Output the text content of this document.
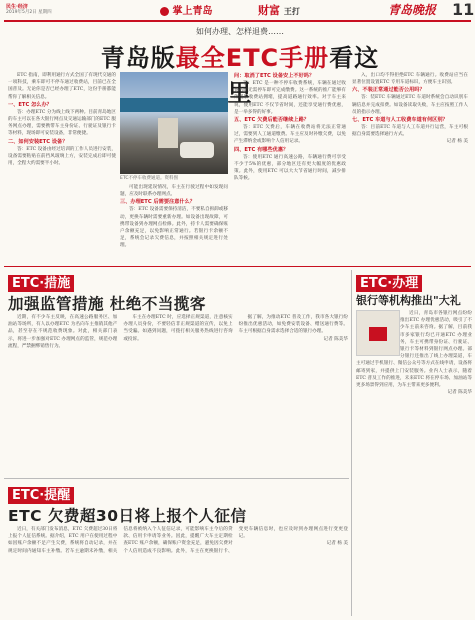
民生·经济
2019年5月2日 星期四	掌上青岛	财富 王打	青岛晚报 11
如何办理、怎样退费……
青岛版最全ETC手册看这里

ETC 指南，即利用通行方式全国了有现代交通的一项科技，乘车即可不停车通过收费站，目前已在全国普及。无论你是否已经办理了ETC，这份手册都能帮你了解相关信息。

一、ETC 怎么办？

答：办理ETC 分为线上线下两种。目前青岛地区的车主可以在各大银行网点及交通运输部门的ETC 服务网点办理，需要携带车主身份证、行驶证及银行卡等材料，现场即可安装设备，非常便捷。

二、如何安装ETC 设备？

答：ETC 设备由经过培训的工作人员进行安装，设备需要粘贴在前挡风玻璃上方，安装完成后即可使用，全程大约需要半小时。

ETC不停车收费通道。资料图

可能出现延误情况，车主在行驶过程中如发现问题，应及时联系办理网点。

三、办理ETC 后需要注意什么？

答：ETC 设备需要保持清洁，不要私自拆卸或移动，更换车辆时需要重新办理。如设备出现故障，可携带设备到办理网点检修。此外，持卡人需要确保账户余额充足，以免影响正常通行。若银行卡余额不足，系统会记录欠费信息，并按照相关规定进行处理。

问：取消了ETC 设备安上不好吗？

答：ETC 是一种不停车收费系统，车辆在通过收费站时无需停车即可完成缴费。这一系统的推广能够有效缓解收费站拥堵，提高道路通行效率。对于车主来说，使用ETC 不仅节省时间，还能享受通行费优惠，是一举多得的好事。

五、ETC 欠费后能否继续上路？

答：ETC 欠费后，车辆在收费站将无法正常通过，需要到人工通道缴费。车主应及时补缴欠费，以免产生滞纳金或影响个人信用记录。

四、ETC 有哪些优惠？

答：使用ETC 通行高速公路，车辆通行费可享受不少于5%的优惠，部分地区还有更大幅度的优惠政策。此外，使用ETC 可以大大节省通行时间，减少排队等候。

入，出口均不得拒绝ETC 车辆通行。收费站应当在显著位置设置ETC 专用车道标识，方便车主识别。

六、不装正常通过能否公用吗？

答：装ETC 车辆通过ETC 车道时系统会自动识别车辆信息并完成扣费。如设备读取失败，车主应按照工作人员的指示办理。

七、ETC 车道与人工收费车道有何区别？

答：目前ETC 车道与人工车道并行运营，车主可根据自身需要选择通行方式。

记者 杨 美
ETC·措施
加强监管措施 杜绝不当揽客

近期，有不少车主反映，在高速公路服务区、加油站等场所，有人以办理ETC 为名向车主推销其他产品，甚至存在不规范收费现象。对此，相关部门表示，将进一步加强对ETC 办理网点的监管，规范办理流程，严禁捆绑销售行为。

车主在办理ETC 时，应选择正规渠道，注意核实办理人员身份，不要轻信非正规渠道的宣传，以免上当受骗。如遇到问题，可拨打相关服务热线进行咨询或投诉。

据了解，为推动ETC 普及工作，我市各大银行纷纷推出优惠活动，如免费安装设备、赠送通行费等。车主可根据自身需求选择合适的银行办理。

记者 陈美华
ETC·办理
银行等机构推出"大礼

近日，青岛市各银行网点纷纷推出ETC 办理优惠活动，吸引了不少车主前来咨询。据了解，目前我市多家银行均已开通ETC 办理业务，车主可携带身份证、行驶证、银行卡等材料到银行网点办理。部分银行还推出了线上办理渠道，车主可通过手机银行、微信公众号等方式在线申请，设备将邮寄到家，并提供上门安装服务。业内人士表示，随着ETC 普及工作的推进，未来ETC 将在停车场、加油站等更多场景得到应用，为车主带来更多便利。

记者 陈美华
ETC·提醒
ETC 欠费超30日将上报个人征信

近日，有关部门发布消息，ETC 欠费超过30日将上报个人征信系统。据介绍，ETC 用户在使用过程中如因账户余额不足产生欠费，系统将自动记录，并在规定时间内通知车主补缴。若车主逾期未补缴，相关信息将被纳入个人征信记录，可能影响车主今后的贷款、信用卡申请等业务。因此，提醒广大车主定期检查ETC 账户余额，确保账户资金充足，避免因欠费对个人信用造成不良影响。此外，车主在更换银行卡、变更车辆信息时，也应及时到办理网点进行变更登记。

记者 杨 美
